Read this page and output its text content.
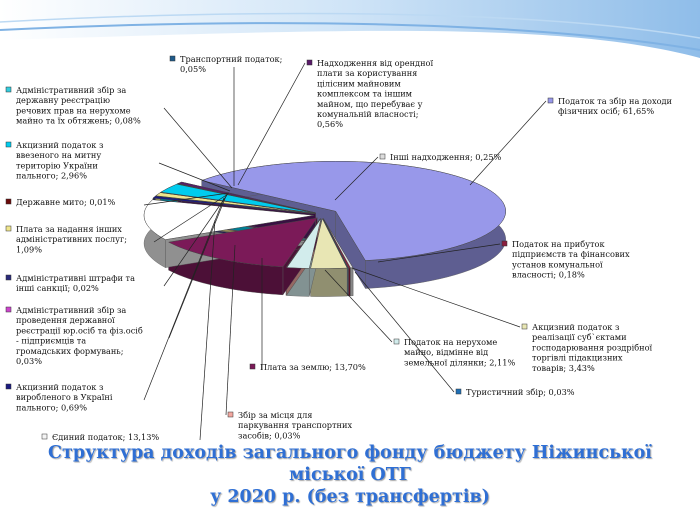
Податок та збір на доходи фізичних осіб; 61,65%
Інші надходження; 0,25%
Податок на прибуток підприємств та фінансових установ комунальної власності; 0,18%
Туристичний збір; 0,03%
Акцизний податок з реалізації суб`єктами господарювання роздрібної торгівлі підакцизних товарів; 3,43%
Податок на нерухоме майно, відмінне від земельної ділянки; 2,11%
Збір за місця для паркування транспортних засобів; 0,03%
Плата за землю; 13,70%
Єдиний податок; 13,13%
Акцизний податок з виробленого в Україні пального; 0,69%
Адміністративний збір за проведення державної реєстрації юр.осіб та фіз.осіб - підприємців та громадських формувань; 0,03%
Адміністративні штрафи та інші санкції; 0,02%
Плата за надання інших адміністративних послуг; 1,09%
Державне мито; 0,01%
Акцизний податок з ввезеного на митну територію України пального; 2,96%
Адміністративний збір за державну реєстрацію речових прав на нерухоме майно та їх обтяжень; 0,08%
Транспортний податок; 0,05%
Надходження від орендної плати за користування цілісним майновим комплексом та іншим майном, що перебуває у комунальній власності; 0,56%
Структура доходів загального фонду бюджету Ніжинської міської ОТГ
у 2020 р. (без трансфертів)
